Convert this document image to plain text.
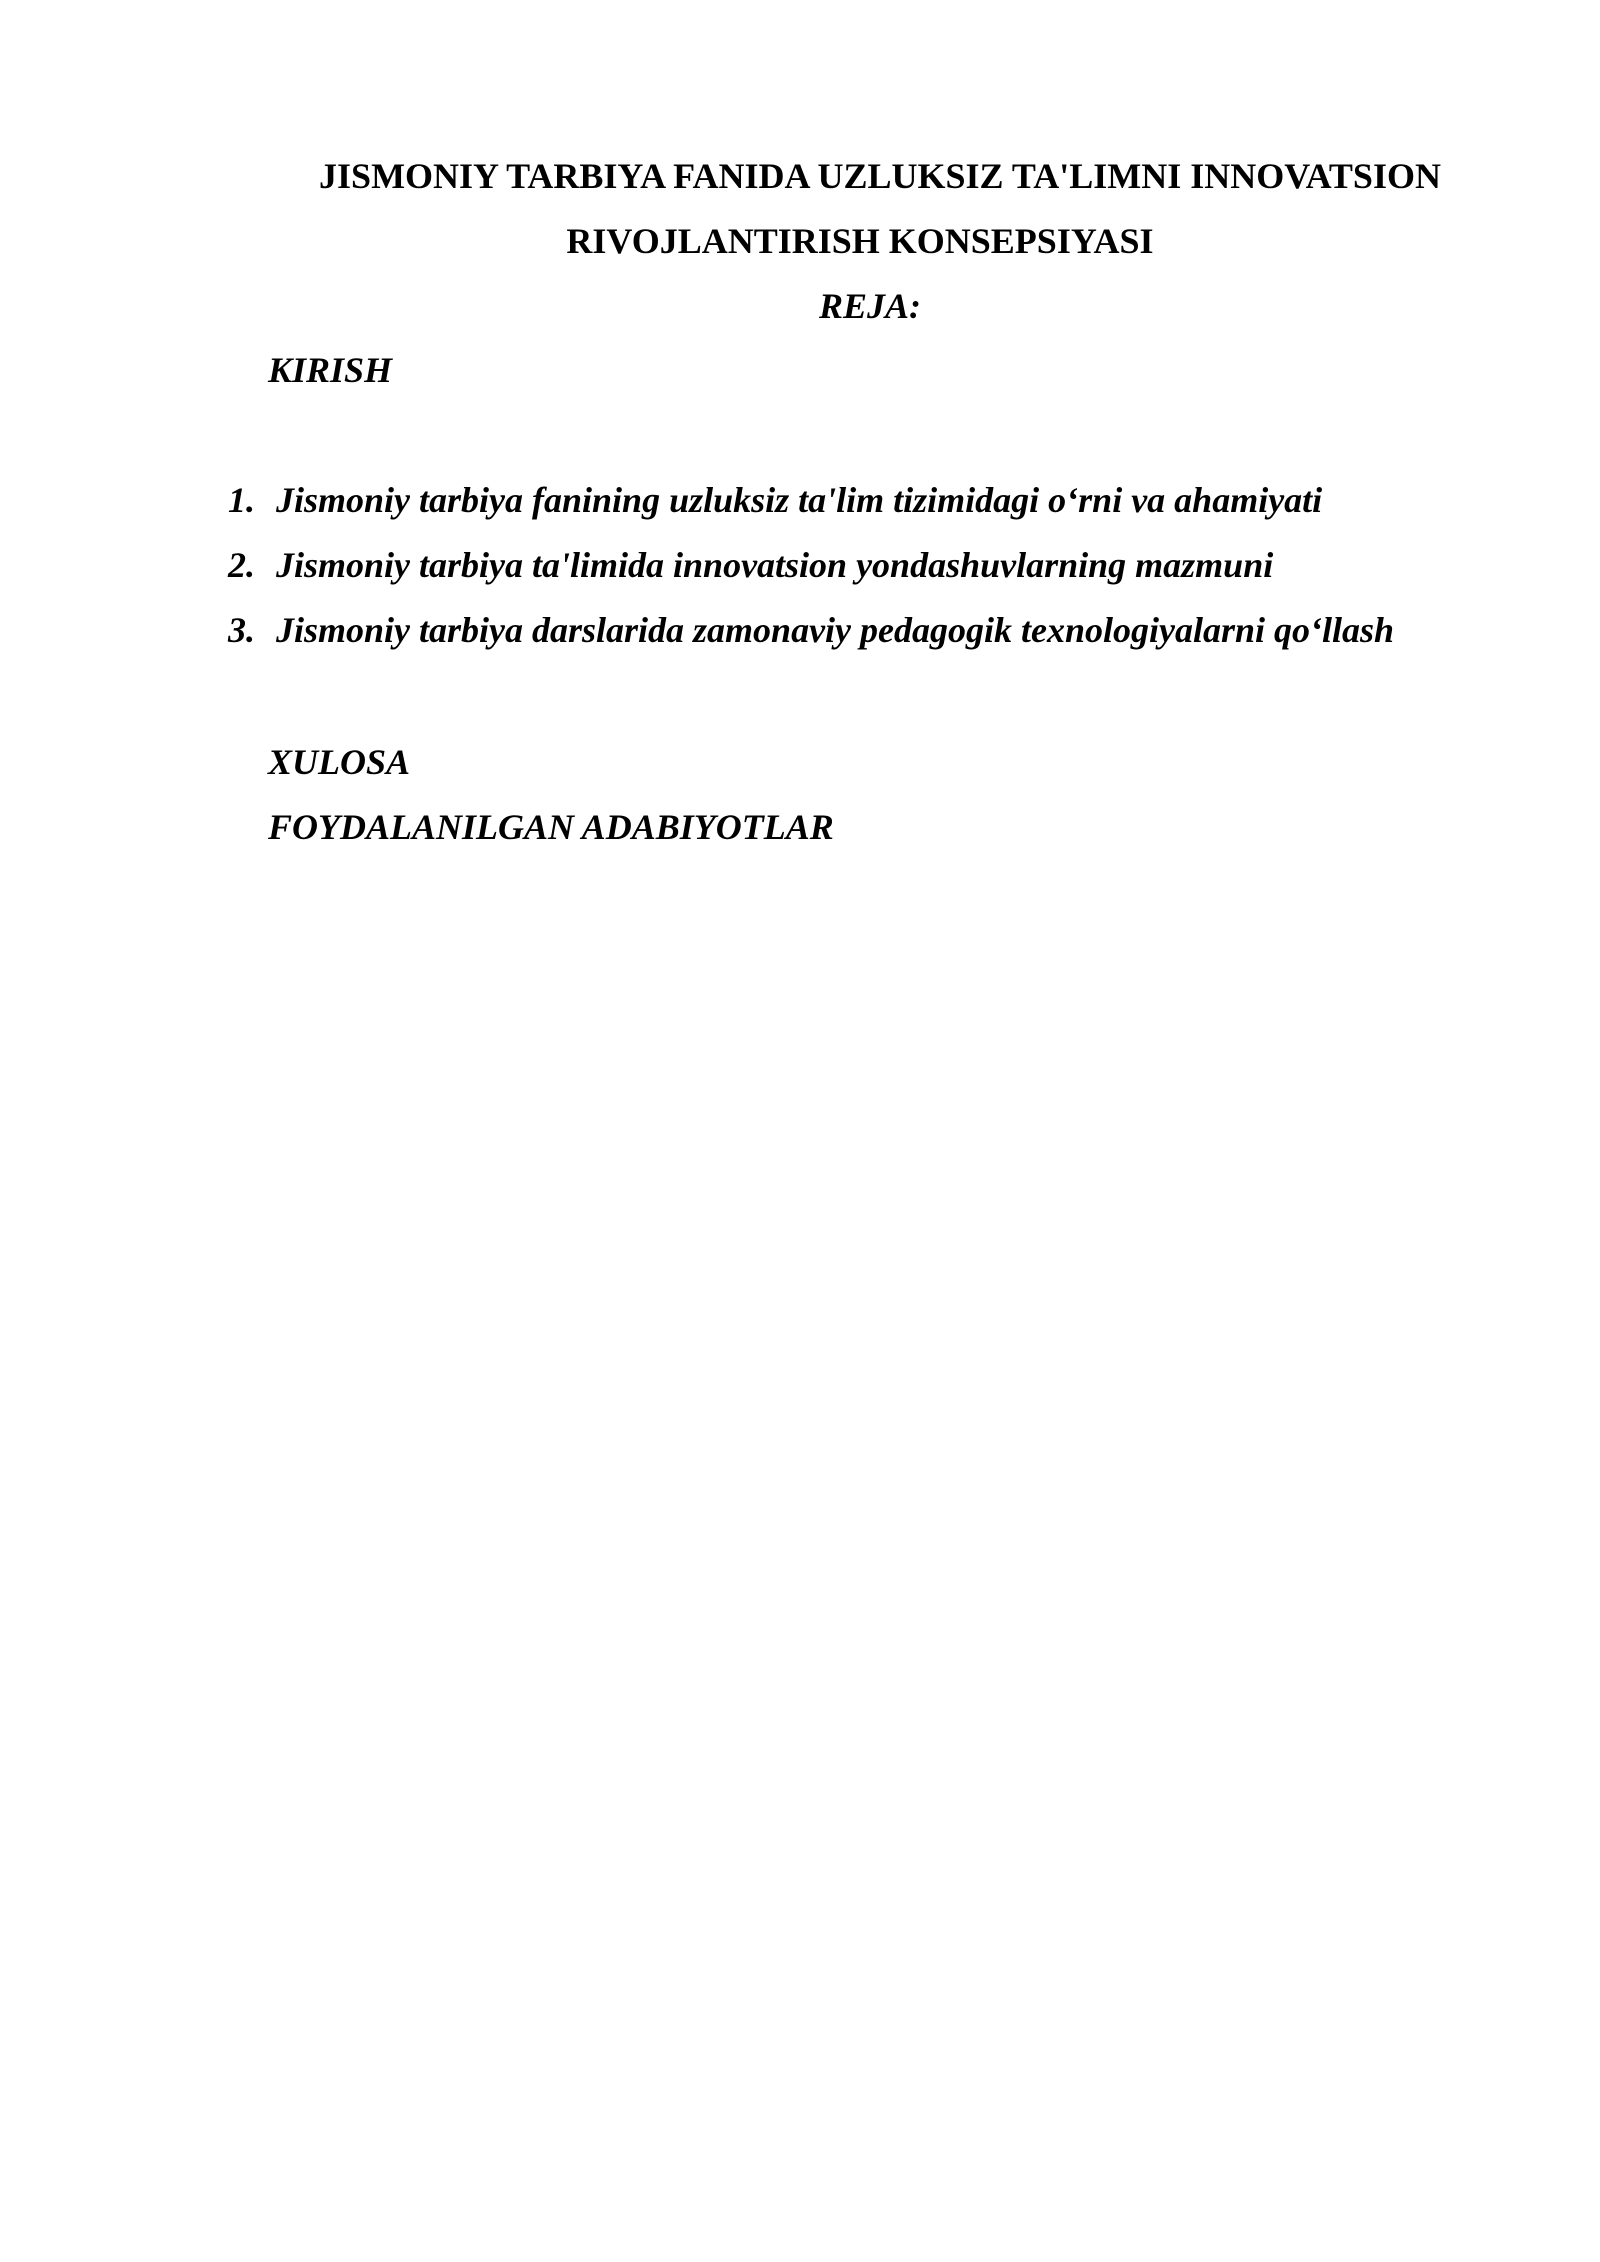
JISMONIY TARBIYA FANIDA UZLUKSIZ TA'LIMNI INNOVATSION
RIVOJLANTIRISH KONSEPSIYASI
REJA:
KIRISH
1. Jismoniy tarbiya fanining uzluksiz ta'lim tizimidagi o‘rni va ahamiyati
2. Jismoniy tarbiya ta'limida innovatsion yondashuvlarning mazmuni
3. Jismoniy tarbiya darslarida zamonaviy pedagogik texnologiyalarni qo‘llash
XULOSA
FOYDALANILGAN ADABIYOTLAR
